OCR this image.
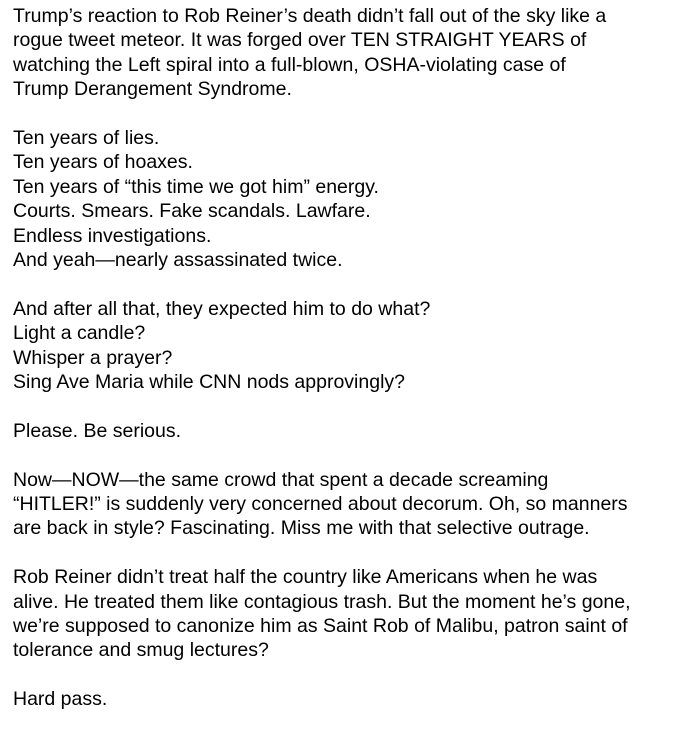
Trump’s reaction to Rob Reiner’s death didn’t fall out of the sky like a
rogue tweet meteor. It was forged over TEN STRAIGHT YEARS of
watching the Left spiral into a full-blown, OSHA-violating case of
Trump Derangement Syndrome.

Ten years of lies.
Ten years of hoaxes.
Ten years of “this time we got him” energy.
Courts. Smears. Fake scandals. Lawfare.
Endless investigations.
And yeah—nearly assassinated twice.

And after all that, they expected him to do what?
Light a candle?
Whisper a prayer?
Sing Ave Maria while CNN nods approvingly?

Please. Be serious.

Now—NOW—the same crowd that spent a decade screaming
“HITLER!” is suddenly very concerned about decorum. Oh, so manners
are back in style? Fascinating. Miss me with that selective outrage.

Rob Reiner didn’t treat half the country like Americans when he was
alive. He treated them like contagious trash. But the moment he’s gone,
we’re supposed to canonize him as Saint Rob of Malibu, patron saint of
tolerance and smug lectures?

Hard pass.
